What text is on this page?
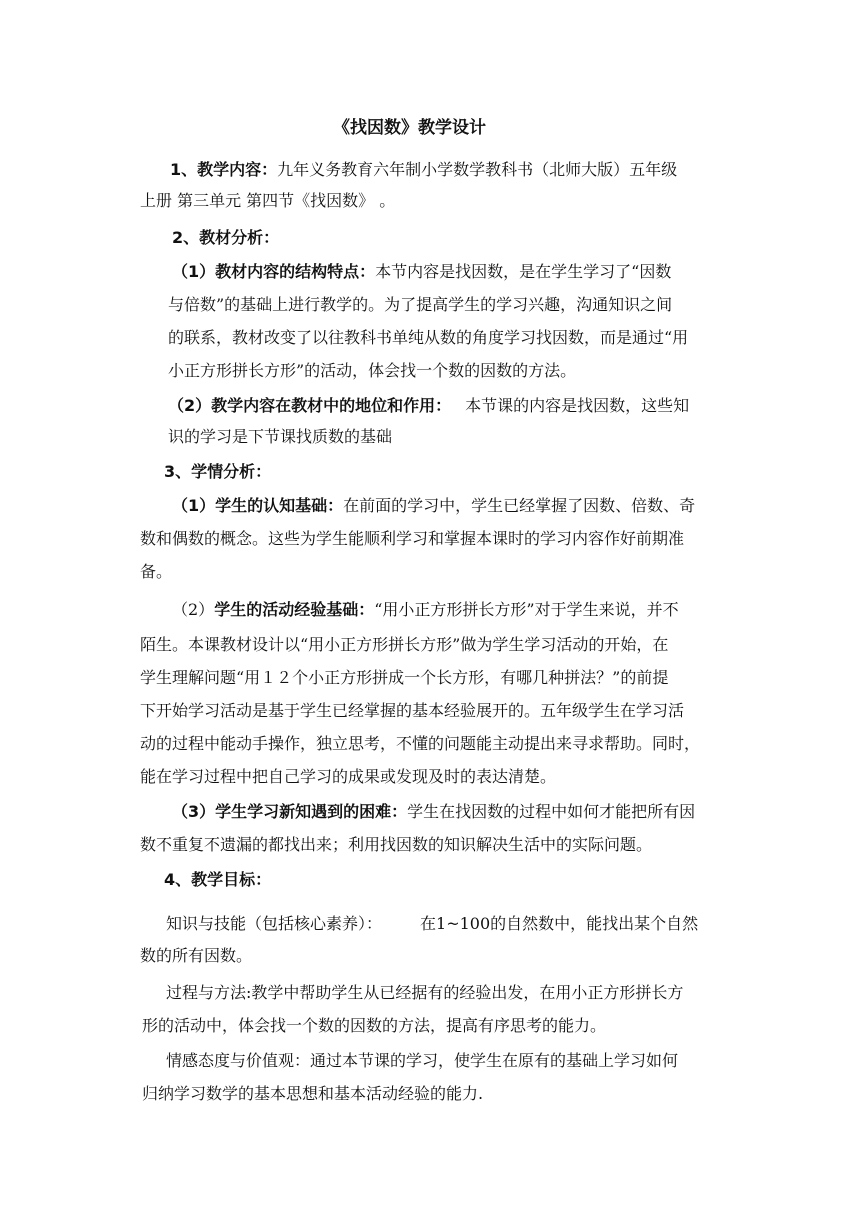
《找因数》教学设计
1、教学内容：九年义务教育六年制小学数学教科书（北师大版）五年级
上册 第三单元 第四节《找因数》 。
2、教材分析：
（1）教材内容的结构特点：本节内容是找因数，是在学生学习了“因数
与倍数”的基础上进行教学的。为了提高学生的学习兴趣，沟通知识之间
的联系，教材改变了以往教科书单纯从数的角度学习找因数，而是通过“用
小正方形拼长方形”的活动，体会找一个数的因数的方法。
（2）教学内容在教材中的地位和作用： 本节课的内容是找因数，这些知
识的学习是下节课找质数的基础
3、学情分析：
（1）学生的认知基础：在前面的学习中，学生已经掌握了因数、倍数、奇
数和偶数的概念。这些为学生能顺利学习和掌握本课时的学习内容作好前期准
备。
（2）学生的活动经验基础：“用小正方形拼长方形”对于学生来说，并不
陌生。本课教材设计以“用小正方形拼长方形”做为学生学习活动的开始，在
学生理解问题“用１２个小正方形拼成一个长方形，有哪几种拼法？”的前提
下开始学习活动是基于学生已经掌握的基本经验展开的。五年级学生在学习活
动的过程中能动手操作，独立思考，不懂的问题能主动提出来寻求帮助。同时，
能在学习过程中把自己学习的成果或发现及时的表达清楚。
（3）学生学习新知遇到的困难：学生在找因数的过程中如何才能把所有因
数不重复不遗漏的都找出来；利用找因数的知识解决生活中的实际问题。
4、教学目标：
知识与技能（包括核心素养）： 在1~100的自然数中，能找出某个自然
数的所有因数。
过程与方法:教学中帮助学生从已经据有的经验出发，在用小正方形拼长方
形的活动中，体会找一个数的因数的方法，提高有序思考的能力。
情感态度与价值观：通过本节课的学习，使学生在原有的基础上学习如何
归纳学习数学的基本思想和基本活动经验的能力.
